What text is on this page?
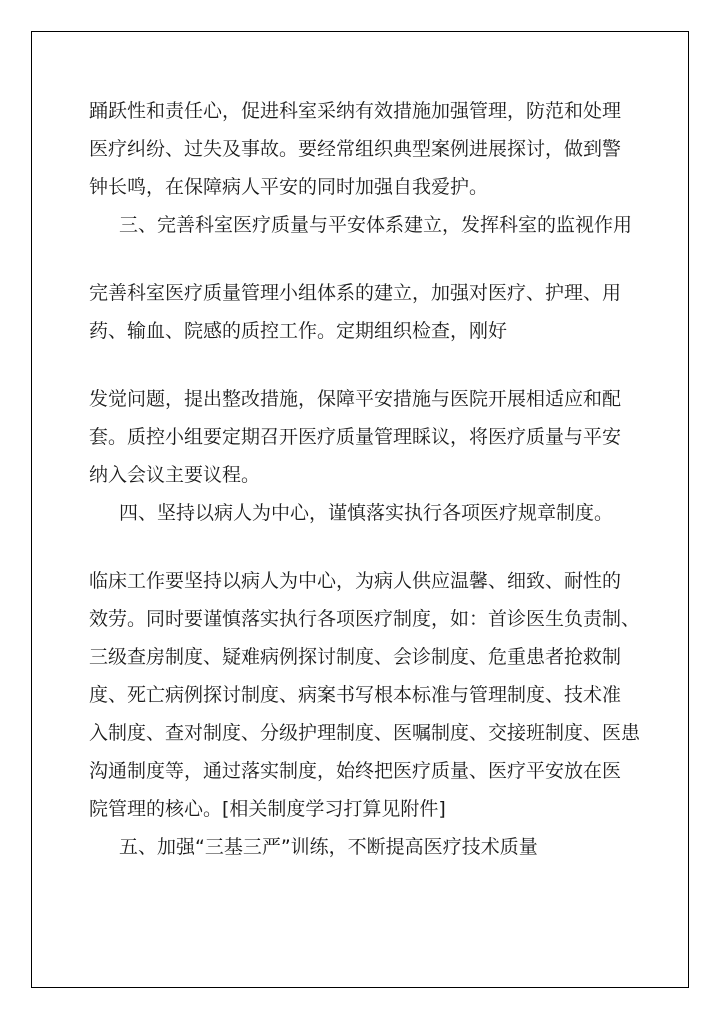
踊跃性和责任心，促进科室采纳有效措施加强管理，防范和处理
医疗纠纷、过失及事故。要经常组织典型案例进展探讨，做到警
钟长鸣，在保障病人平安的同时加强自我爱护。
三、完善科室医疗质量与平安体系建立，发挥科室的监视作用
完善科室医疗质量管理小组体系的建立，加强对医疗、护理、用
药、输血、院感的质控工作。定期组织检查，刚好
发觉问题，提出整改措施，保障平安措施与医院开展相适应和配
套。质控小组要定期召开医疗质量管理睬议，将医疗质量与平安
纳入会议主要议程。
四、坚持以病人为中心，谨慎落实执行各项医疗规章制度。
临床工作要坚持以病人为中心，为病人供应温馨、细致、耐性的
效劳。同时要谨慎落实执行各项医疗制度，如：首诊医生负责制、
三级查房制度、疑难病例探讨制度、会诊制度、危重患者抢救制
度、死亡病例探讨制度、病案书写根本标准与管理制度、技术准
入制度、查对制度、分级护理制度、医嘱制度、交接班制度、医患
沟通制度等，通过落实制度，始终把医疗质量、医疗平安放在医
院管理的核心。[相关制度学习打算见附件]
五、加强“三基三严”训练，不断提高医疗技术质量
